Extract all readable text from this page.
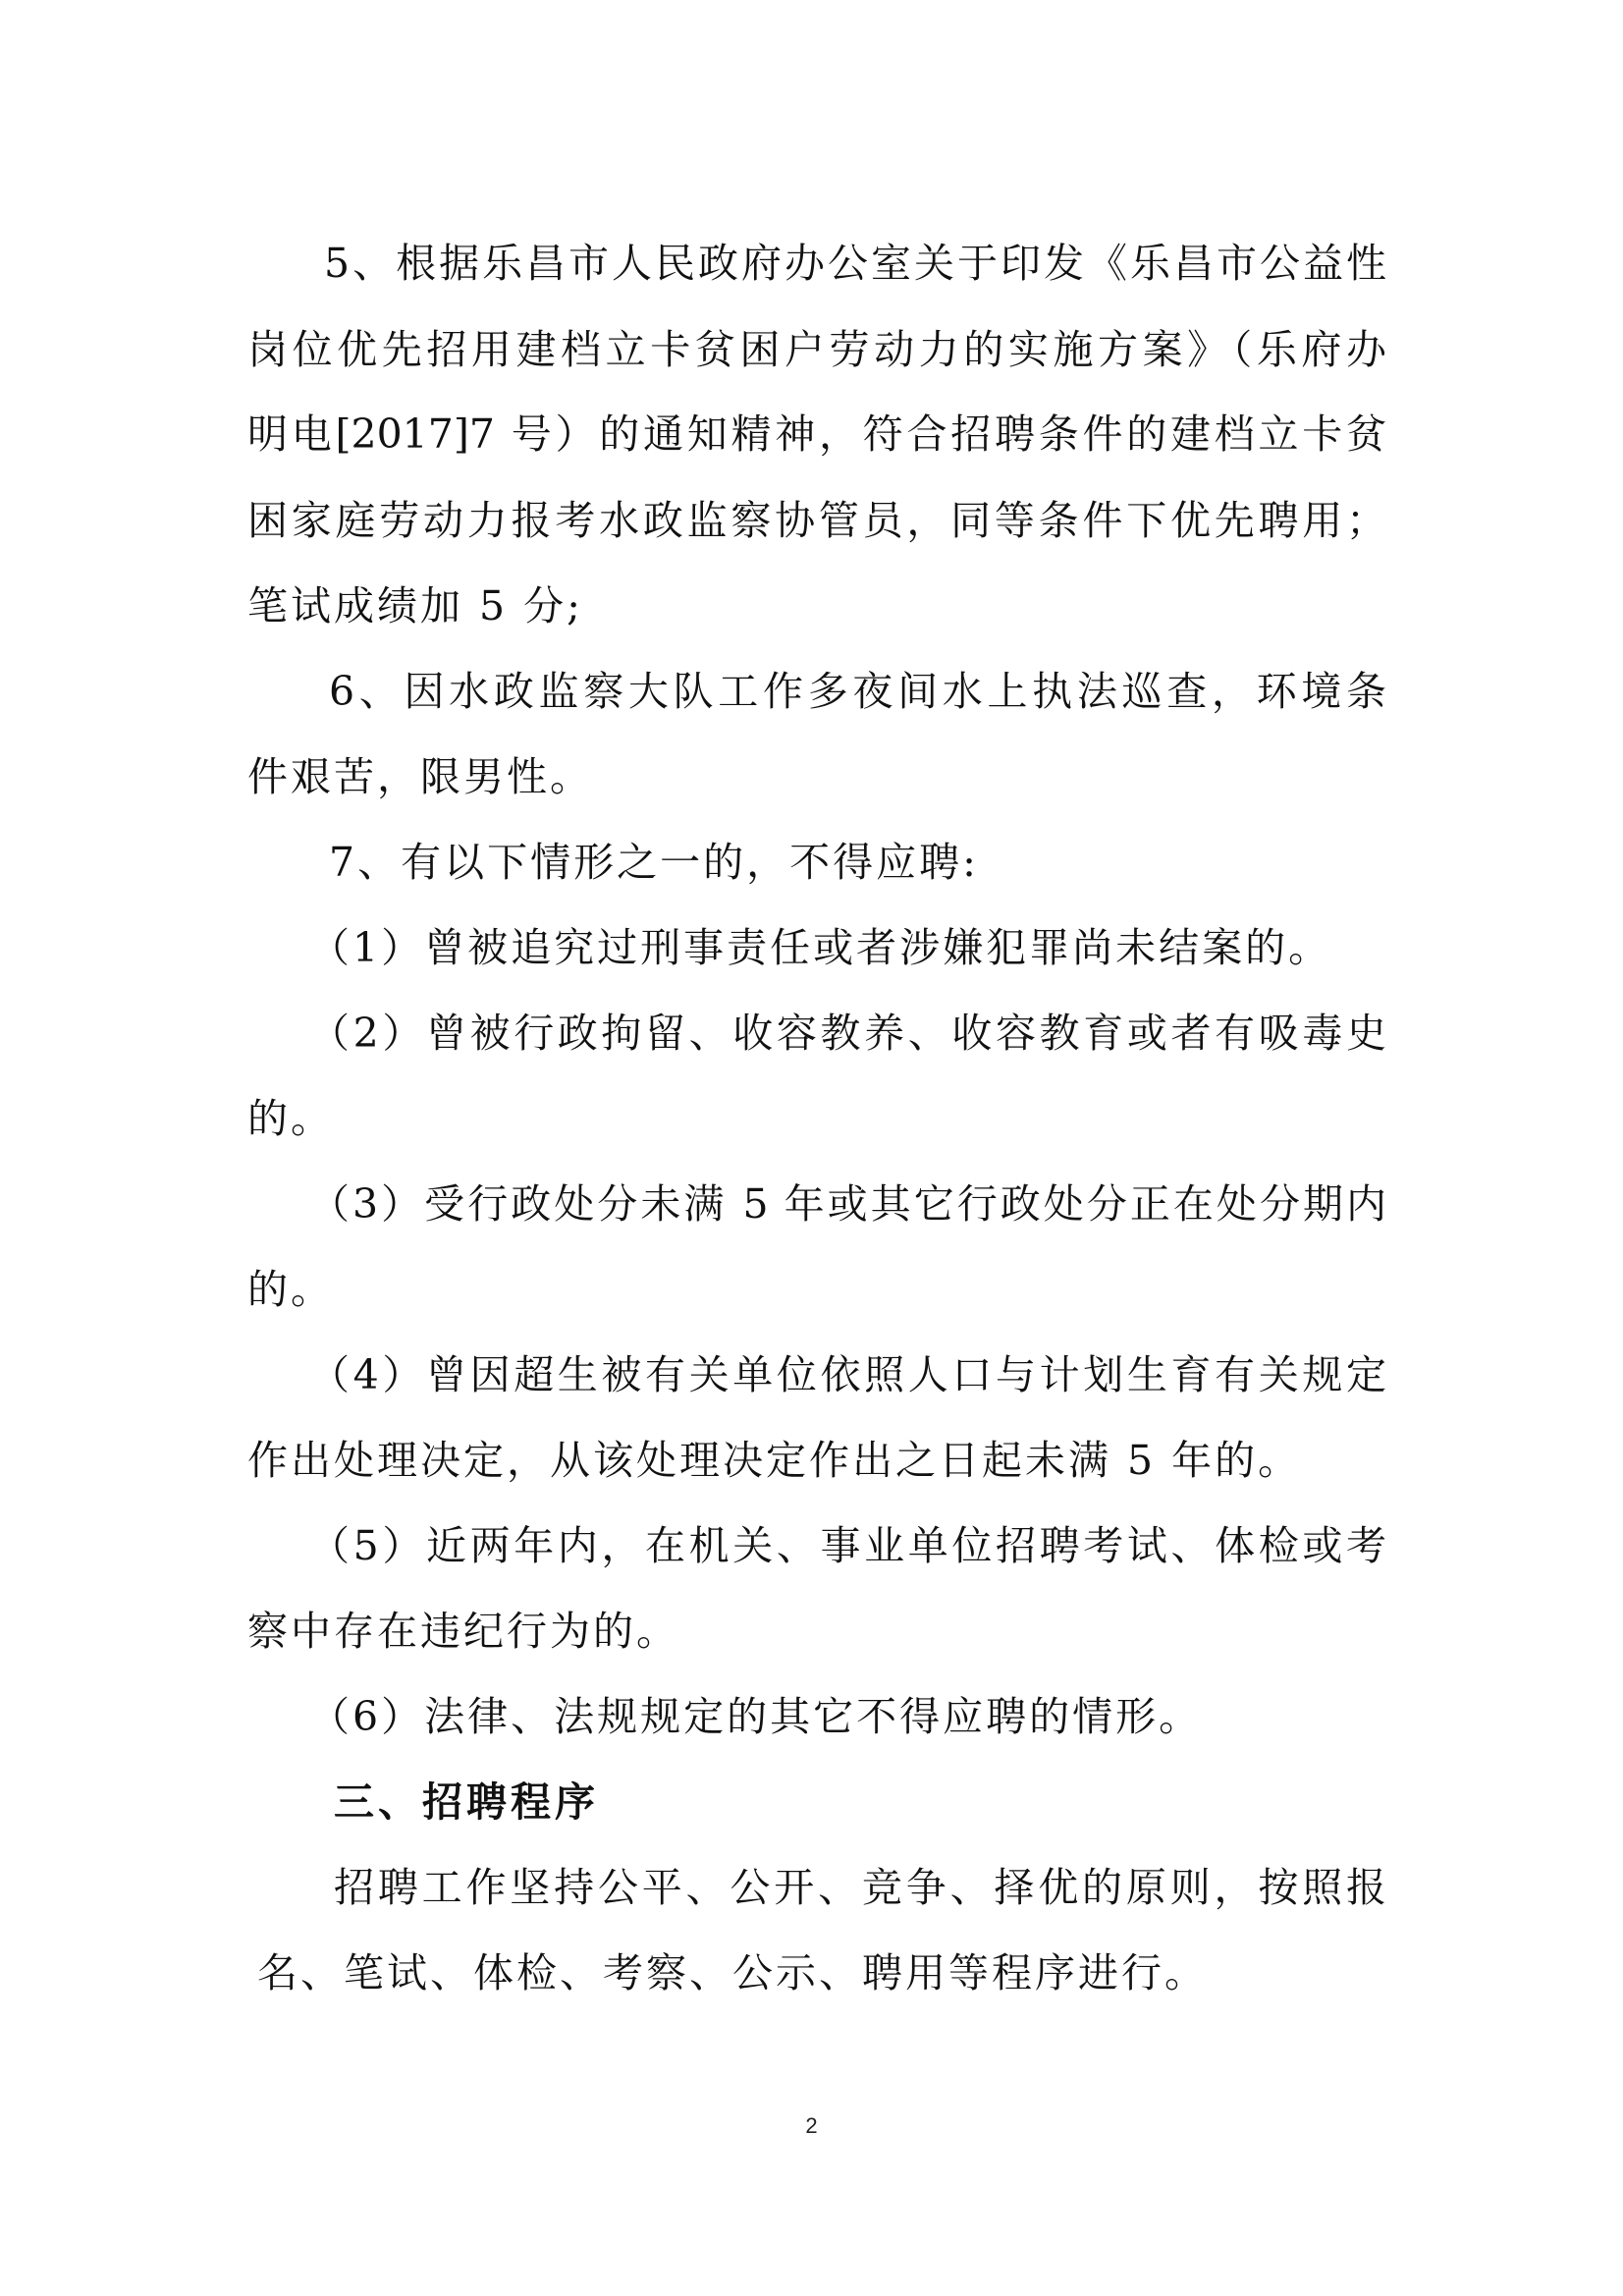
5、根据乐昌市人民政府办公室关于印发《乐昌市公益性
岗位优先招用建档立卡贫困户劳动力的实施方案》（乐府办
明电[2017]7 号）的通知精神，符合招聘条件的建档立卡贫
困家庭劳动力报考水政监察协管员，同等条件下优先聘用；
笔试成绩加 5 分;
6、因水政监察大队工作多夜间水上执法巡查，环境条
件艰苦，限男性。
7、有以下情形之一的，不得应聘:
（1）曾被追究过刑事责任或者涉嫌犯罪尚未结案的。
（2）曾被行政拘留、收容教养、收容教育或者有吸毒史
的。
（3）受行政处分未满 5 年或其它行政处分正在处分期内
的。
（4）曾因超生被有关单位依照人口与计划生育有关规定
作出处理决定，从该处理决定作出之日起未满 5 年的。
（5）近两年内，在机关、事业单位招聘考试、体检或考
察中存在违纪行为的。
（6）法律、法规规定的其它不得应聘的情形。
三、招聘程序
招聘工作坚持公平、公开、竞争、择优的原则，按照报
名、笔试、体检、考察、公示、聘用等程序进行。
2
